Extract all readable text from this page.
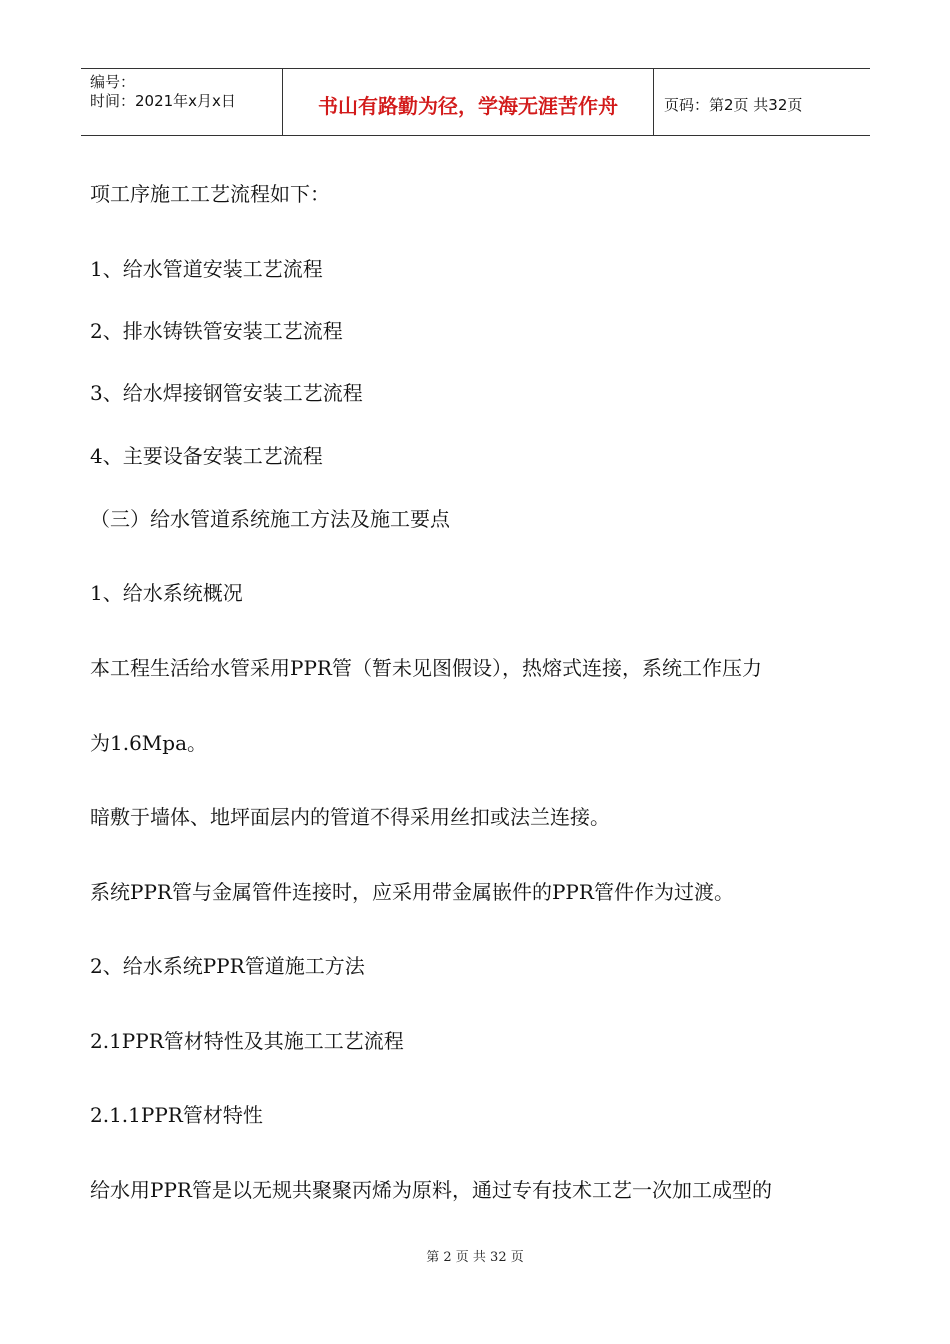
编号：
时间：2021年x月x日	书山有路勤为径，学海无涯苦作舟	页码：第2页 共32页
项工序施工工艺流程如下：
1、给水管道安装工艺流程
2、排水铸铁管安装工艺流程
3、给水焊接钢管安装工艺流程
4、主要设备安装工艺流程
（三）给水管道系统施工方法及施工要点
1、给水系统概况
本工程生活给水管采用PPR管（暂未见图假设），热熔式连接，系统工作压力
为1.6Mpa。
暗敷于墙体、地坪面层内的管道不得采用丝扣或法兰连接。
系统PPR管与金属管件连接时，应采用带金属嵌件的PPR管件作为过渡。
2、给水系统PPR管道施工方法
2.1PPR管材特性及其施工工艺流程
2.1.1PPR管材特性
给水用PPR管是以无规共聚聚丙烯为原料，通过专有技术工艺一次加工成型的
第 2 页 共 32 页
